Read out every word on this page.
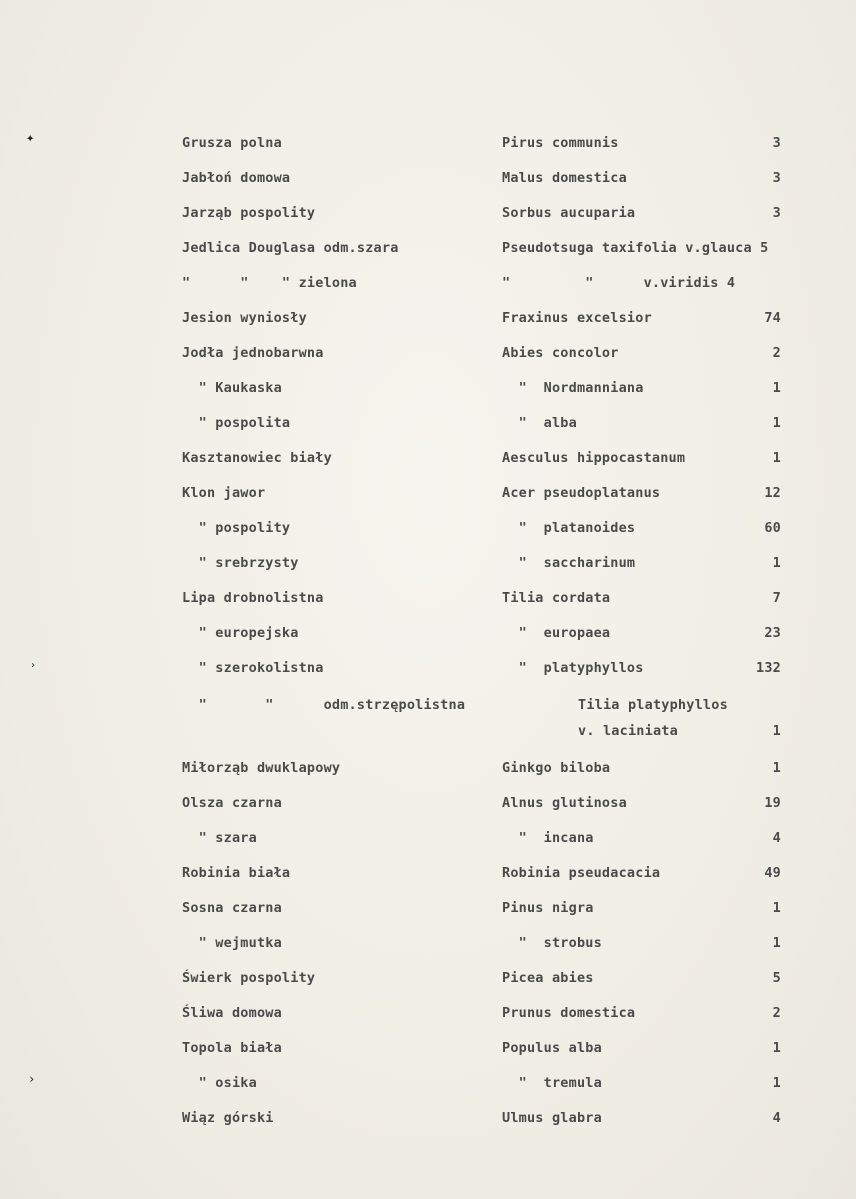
✦
›
›
Grusza polna	Pirus communis	3
Jabłoń domowa	Malus domestica	3
Jarząb pospolity	Sorbus aucuparia	3
Jedlica Douglasa odm.szara	Pseudotsuga taxifolia v.glauca 5
"      "    " zielona	"         "      v.viridis 4
Jesion wyniosły	Fraxinus excelsior	74
Jodła jednobarwna	Abies concolor	2
" Kaukaska	"  Nordmanniana	1
" pospolita	"  alba	1
Kasztanowiec biały	Aesculus hippocastanum	1
Klon jawor	Acer pseudoplatanus	12
" pospolity	"  platanoides	60
" srebrzysty	"  saccharinum	1
Lipa drobnolistna	Tilia cordata	7
" europejska	"  europaea	23
" szerokolistna	"  platyphyllos	132
"       "      odm.strzępolistna	Tilia platyphyllos
v. laciniata	1
Miłorząb dwuklapowy	Ginkgo biloba	1
Olsza czarna	Alnus glutinosa	19
" szara	"  incana	4
Robinia biała	Robinia pseudacacia	49
Sosna czarna	Pinus nigra	1
" wejmutka	"  strobus	1
Świerk pospolity	Picea abies	5
Śliwa domowa	Prunus domestica	2
Topola biała	Populus alba	1
" osika	"  tremula	1
Wiąz górski	Ulmus glabra	4
